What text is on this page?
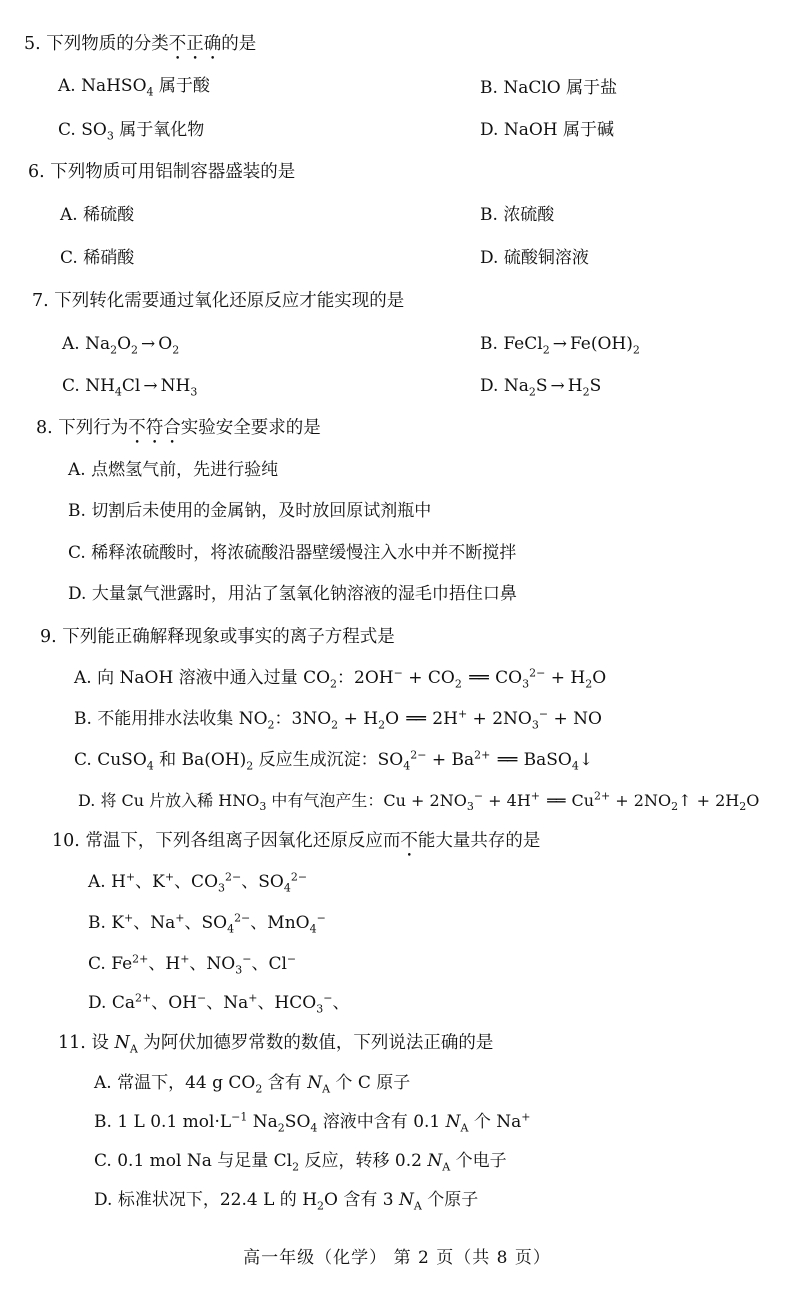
5. 下列物质的分类不正确的是
A. NaHSO$_4$ 属于酸	B. NaClO 属于盐
C. $SO_3$ 属于氧化物	D. NaOH 属于碱
6. 下列物质可用铝制容器盛装的是
A. 稀硫酸	B. 浓硫酸
C. 稀硝酸	D. 硫酸铜溶液
7. 下列转化需要通过氧化还原反应才能实现的是
A. $Na_2O_2 \to O_2$	B. FeCl$_2$ → $Fe(OH)_2$
C. $NH_4Cl \to NH_3$	D. $Na_2S \to H_2S$
8. 下列行为不符合实验安全要求的是
A. 点燃氢气前，先进行验纯
B. 切割后未使用的金属钠，及时放回原试剂瓶中
C. 稀释浓硫酸时，将浓硫酸沿器壁缓慢注入水中并不断搅拌
D. 大量氯气泄露时，用沾了氢氧化钠溶液的湿毛巾捂住口鼻
9. 下列能正确解释现象或事实的离子方程式是
A. 向 NaOH 溶液中通入过量 $CO_2$：$2OH^- + CO_2$ ══ $CO_3^{2-} + H_2O$
B. 不能用排水法收集 $NO_2$：$3NO_2 + H_2O$ ══ $2H^+ + 2NO_3^-$ + NO
C. CuSO$_4$ 和 $Ba(OH)_2$ 反应生成沉淀：$SO_4^{2-} + Ba^{2+}$ ══ BaSO$_4$↓
D. 将 Cu 片放入稀 $HNO_3$ 中有气泡产生：$Cu + 2NO_3^- + 4H^+$ ══ $Cu^{2+}$ + $2NO_2↑ + 2H_2O$
10. 常温下，下列各组离子因氧化还原反应而不能大量共存的是
A. H+、K+、$CO_3^{2-}$、$SO_4^{2-}$
B. K+、Na+、$SO_4^{2-}$、MnO$_4$−
C. $Fe^{2+}$、H+、$NO_3^-$、Cl−
D. $Ca^{2+}$、OH−、Na+、$HCO_3^-$、
11. 设 $N_A$ 为阿伏加德罗常数的数值，下列说法正确的是
A. 常温下，44 g $CO_2$ 含有 $N_A$ 个 C 原子
B. 1 L 0.1 $mol\cdot L^{-1}$ $Na_2SO_4$ 溶液中含有 0.1 $N_A$ 个 Na+
C. 0.1 mol Na 与足量 $Cl_2$ 反应，转移 0.2 $N_A$ 个电子
D. 标准状况下，22.4 L 的 $H_2O$ 含有 3 $N_A$ 个原子
高一年级（化学） 第 2 页（共 8 页）
